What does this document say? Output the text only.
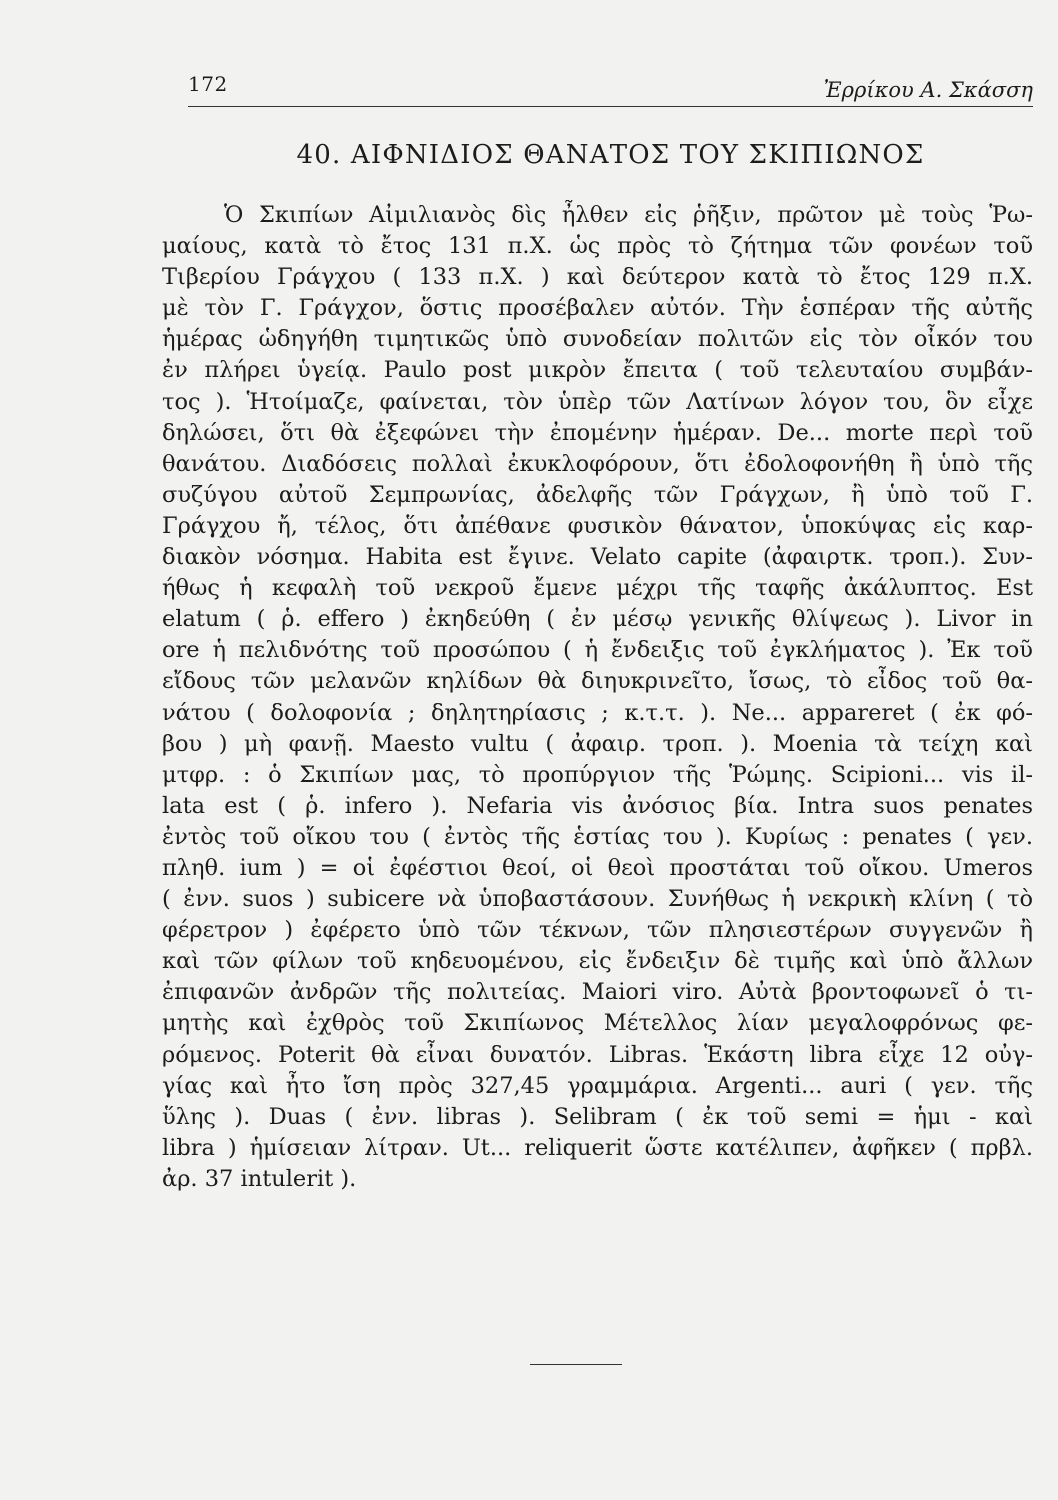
172	Ἐρρίκου Α. Σκάσση
40. ΑΙΦΝΙΔΙΟΣ ΘΑΝΑΤΟΣ ΤΟΥ ΣΚΙΠΙΩΝΟΣ
Ὁ Σκιπίων Αἰμιλιανὸς δὶς ἦλθεν εἰς ῥῆξιν, πρῶτον μὲ τοὺς Ῥω-
μαίους, κατὰ τὸ ἔτος 131 π.Χ. ὡς πρὸς τὸ ζήτημα τῶν φονέων τοῦ
Τιβερίου Γράγχου ( 133 π.Χ. ) καὶ δεύτερον κατὰ τὸ ἔτος 129 π.Χ.
μὲ τὸν Γ. Γράγχον, ὅστις προσέβαλεν αὐτόν. Τὴν ἑσπέραν τῆς αὐτῆς
ἡμέρας ὡδηγήθη τιμητικῶς ὑπὸ συνοδείαν πολιτῶν εἰς τὸν οἶκόν του
ἐν πλήρει ὑγείᾳ. Paulo post μικρὸν ἔπειτα ( τοῦ τελευταίου συμβάν-
τος ). Ἡτοίμαζε, φαίνεται, τὸν ὑπὲρ τῶν Λατίνων λόγον του, ὃν εἶχε
δηλώσει, ὅτι θὰ ἐξεφώνει τὴν ἐπομένην ἡμέραν. De... morte περὶ τοῦ
θανάτου. Διαδόσεις πολλαὶ ἐκυκλοφόρουν, ὅτι ἐδολοφονήθη ἢ ὑπὸ τῆς
συζύγου αὐτοῦ Σεμπρωνίας, ἀδελφῆς τῶν Γράγχων, ἢ ὑπὸ τοῦ Γ.
Γράγχου ἤ, τέλος, ὅτι ἀπέθανε φυσικὸν θάνατον, ὑποκύψας εἰς καρ-
διακὸν νόσημα. Habita est ἔγινε. Velato capite (ἀφαιρτκ. τροπ.). Συν-
ήθως ἡ κεφαλὴ τοῦ νεκροῦ ἔμενε μέχρι τῆς ταφῆς ἀκάλυπτος. Est
elatum ( ῥ. effero ) ἐκηδεύθη ( ἐν μέσῳ γενικῆς θλίψεως ). Livor in
ore ἡ πελιδνότης τοῦ προσώπου ( ἡ ἔνδειξις τοῦ ἐγκλήματος ). Ἐκ τοῦ
εἴδους τῶν μελανῶν κηλίδων θὰ διηυκρινεῖτο, ἴσως, τὸ εἶδος τοῦ θα-
νάτου ( δολοφονία ; δηλητηρίασις ; κ.τ.τ. ). Ne... appareret ( ἐκ φό-
βου ) μὴ φανῇ. Maesto vultu ( ἀφαιρ. τροπ. ). Moenia τὰ τείχη καὶ
μτφρ. : ὁ Σκιπίων μας, τὸ προπύργιον τῆς Ῥώμης. Scipioni... vis il-
lata est ( ῥ. infero ). Nefaria vis ἀνόσιος βία. Intra suos penates
ἐντὸς τοῦ οἴκου του ( ἐντὸς τῆς ἑστίας του ). Κυρίως : penates ( γεν.
πληθ. ium ) = οἱ ἐφέστιοι θεοί, οἱ θεοὶ προστάται τοῦ οἴκου. Umeros
( ἐνν. suos ) subicere νὰ ὑποβαστάσουν. Συνήθως ἡ νεκρικὴ κλίνη ( τὸ
φέρετρον ) ἐφέρετο ὑπὸ τῶν τέκνων, τῶν πλησιεστέρων συγγενῶν ἢ
καὶ τῶν φίλων τοῦ κηδευομένου, εἰς ἔνδειξιν δὲ τιμῆς καὶ ὑπὸ ἄλλων
ἐπιφανῶν ἀνδρῶν τῆς πολιτείας. Maiori viro. Αὐτὰ βροντοφωνεῖ ὁ τι-
μητὴς καὶ ἐχθρὸς τοῦ Σκιπίωνος Μέτελλος λίαν μεγαλοφρόνως φε-
ρόμενος. Poterit θὰ εἶναι δυνατόν. Libras. Ἑκάστη libra εἶχε 12 οὐγ-
γίας καὶ ἦτο ἴση πρὸς 327,45 γραμμάρια. Argenti... auri ( γεν. τῆς
ὕλης ). Duas ( ἐνν. libras ). Selibram ( ἐκ τοῦ semi = ἡμι - καὶ
libra ) ἡμίσειαν λίτραν. Ut... reliquerit ὥστε κατέλιπεν, ἀφῆκεν ( πρβλ.
ἀρ. 37 intulerit ).
